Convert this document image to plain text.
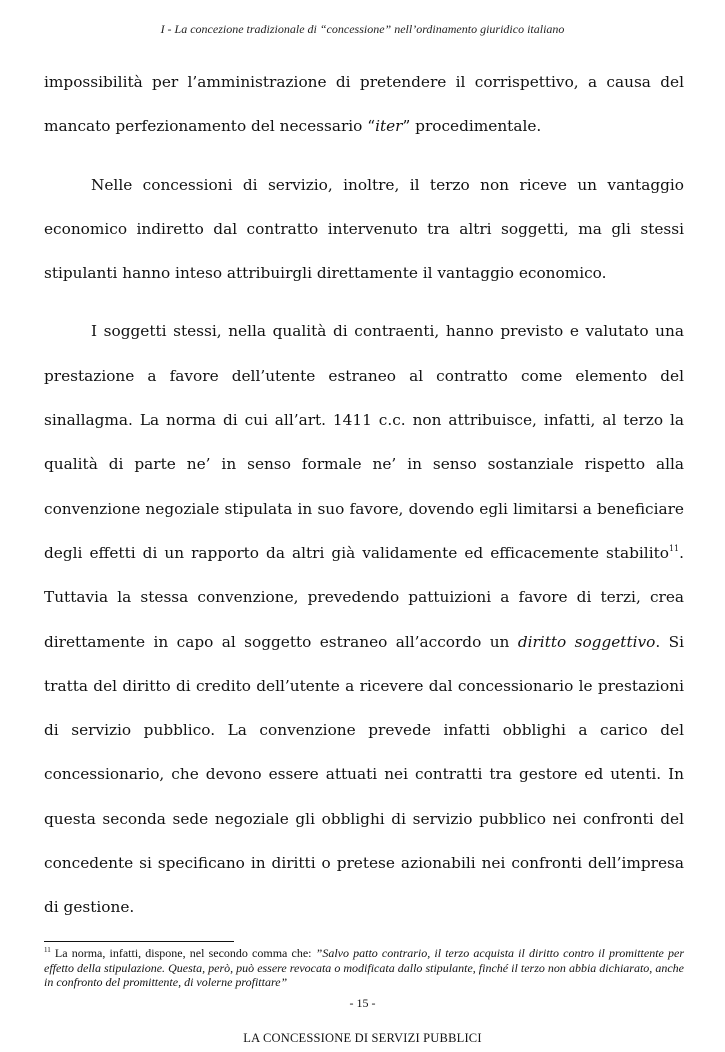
I - La concezione tradizionale di “concessione” nell’ordinamento giuridico italiano

impossibilità per l’amministrazione di pretendere il corrispettivo, a causa del mancato perfezionamento del necessario “iter” procedimentale.

Nelle concessioni di servizio, inoltre, il terzo non riceve un vantaggio economico indiretto dal contratto intervenuto tra altri soggetti, ma gli stessi stipulanti hanno inteso attribuirgli direttamente il vantaggio economico.

I soggetti stessi, nella qualità di contraenti, hanno previsto e valutato una prestazione a favore dell’utente estraneo al contratto come elemento del sinallagma. La norma di cui all’art. 1411 c.c. non attribuisce, infatti, al terzo la qualità di parte ne’ in senso formale ne’ in senso sostanziale rispetto alla convenzione negoziale stipulata in suo favore, dovendo egli limitarsi a beneficiare degli effetti di un rapporto da altri già validamente ed efficacemente stabilito$^{11}$. Tuttavia la stessa convenzione, prevedendo pattuizioni a favore di terzi, crea direttamente in capo al soggetto estraneo all’accordo un diritto soggettivo. Si tratta del diritto di credito dell’utente a ricevere dal concessionario le prestazioni di servizio pubblico. La convenzione prevede infatti obblighi a carico del concessionario, che devono essere attuati nei contratti tra gestore ed utenti. In questa seconda sede negoziale gli obblighi di servizio pubblico nei confronti del concedente si specificano in diritti o pretese azionabili nei confronti dell’impresa di gestione.

$^{11}$ La norma, infatti, dispone, nel secondo comma che: ”Salvo patto contrario, il terzo acquista il diritto contro il promittente per effetto della stipulazione. Questa, però, può essere revocata o modificata dallo stipulante, finché il terzo non abbia dichiarato, anche in confronto del promittente, di volerne profittare”
- 15 -
LA CONCESSIONE DI SERVIZI PUBBLICI
